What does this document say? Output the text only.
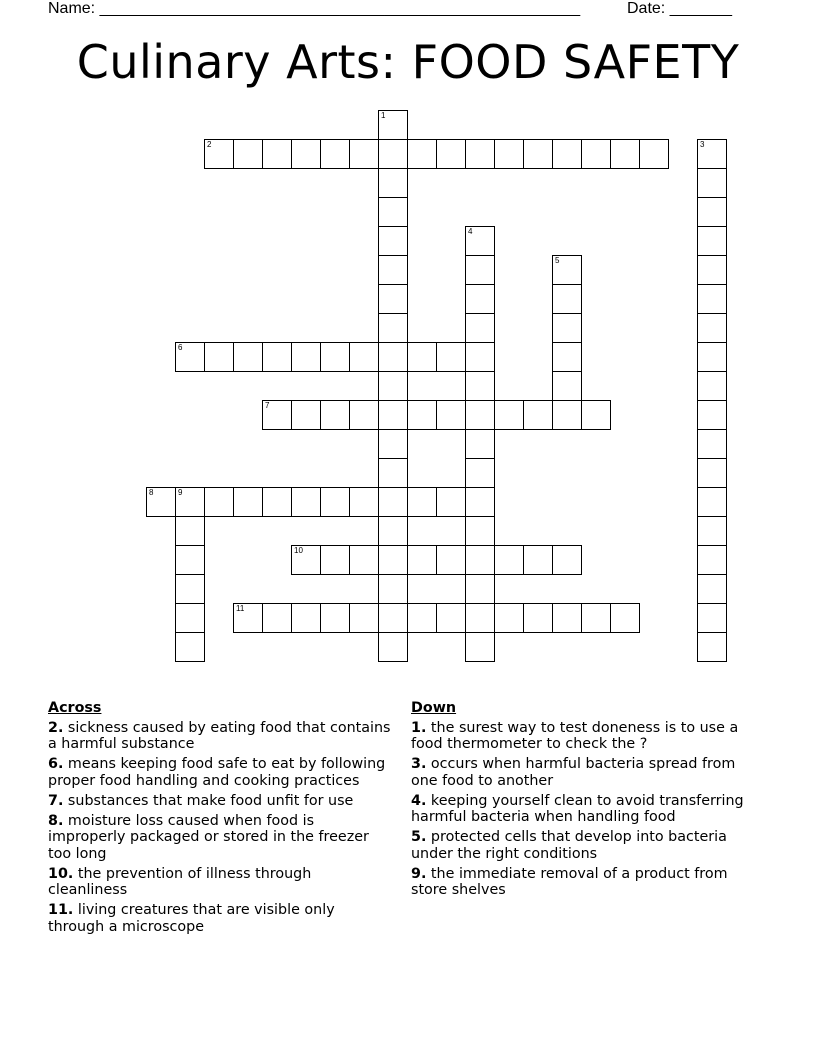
Name: ______________________________________________________

	Date: _______

Culinary Arts: FOOD SAFETY
1
2	3
4
5
6
7
8	9
10
11
Across
2. sickness caused by eating food that contains a harmful substance
6. means keeping food safe to eat by following proper food handling and cooking practices
7. substances that make food unfit for use
8. moisture loss caused when food is improperly packaged or stored in the freezer too long
10. the prevention of illness through cleanliness
11. living creatures that are visible only through a microscope
Down
1. the surest way to test doneness is to use a food thermometer to check the ?
3. occurs when harmful bacteria spread from one food to another
4. keeping yourself clean to avoid transferring harmful bacteria when handling food
5. protected cells that develop into bacteria under the right conditions
9. the immediate removal of a product from store shelves
